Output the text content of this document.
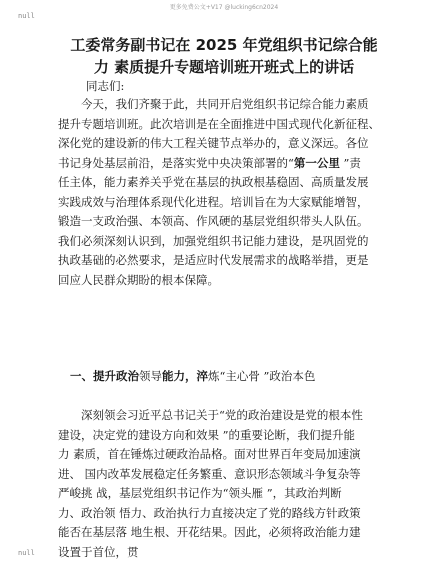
更多免费公文+V17 @lucking6cn2024
null
工委常务副书记在 2025 年党组织书记综合能
力 素质提升专题培训班开班式上的讲话
同志们:
今天，我们齐聚于此，共同开启党组织书记综合能力素质
提升专题培训班。此次培训是在全面推进中国式现代化新征程、
深化党的建设新的伟大工程关键节点举办的，意义深远。各位
书记身处基层前沿，是落实党中央决策部署的“第一公里 ”责
任主体，能力素养关乎党在基层的执政根基稳固、高质量发展
实践成效与治理体系现代化进程。培训旨在为大家赋能增智，
锻造一支政治强、本领高、作风硬的基层党组织带头人队伍。
我们必须深刻认识到，加强党组织书记能力建设，是巩固党的
执政基础的必然要求，是适应时代发展需求的战略举措，更是
回应人民群众期盼的根本保障。
一、提升政治领导能力，淬炼“主心骨 ”政治本色
深刻领会习近平总书记关于“党的政治建设是党的根本性
建设，决定党的建设方向和效果 ”的重要论断，我们提升能
力 素质，首在锤炼过硬政治品格。面对世界百年变局加速演
进、 国内改革发展稳定任务繁重、意识形态领域斗争复杂等
严峻挑 战，基层党组织书记作为“领头雁 ”，其政治判断
力、政治领 悟力、政治执行力直接决定了党的路线方针政策
能否在基层落 地生根、开花结果。因此，必须将政治能力建
设置于首位，贯
null
